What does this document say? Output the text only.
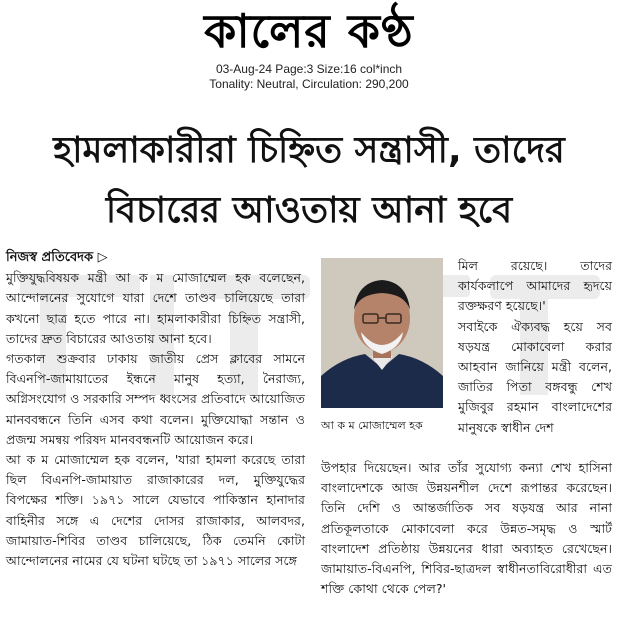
কালের কণ্ঠ
03-Aug-24 Page:3 Size:16 col*inch
Tonality: Neutral, Circulation: 290,200
হামলাকারীরা চিহ্নিত সন্ত্রাসী, তাদের
বিচারের আওতায় আনা হবে
নিজস্ব প্রতিবেদক ▷

মুক্তিযুদ্ধবিষয়ক মন্ত্রী আ ক ম মোজাম্মেল হক বলেছেন, আন্দোলনের সুযোগে যারা দেশে তাণ্ডব চালিয়েছে তারা কখনো ছাত্র হতে পারে না। হামলাকারীরা চিহ্নিত সন্ত্রাসী, তাদের দ্রুত বিচারের আওতায় আনা হবে।

গতকাল শুক্রবার ঢাকায় জাতীয় প্রেস ক্লাবের সামনে বিএনপি-জামায়াতের ইন্ধনে মানুষ হত্যা, নৈরাজ্য, অগ্নিসংযোগ ও সরকারি সম্পদ ধ্বংসের প্রতিবাদে আয়োজিত মানববন্ধনে তিনি এসব কথা বলেন। মুক্তিযোদ্ধা সন্তান ও প্রজন্ম সমন্বয় পরিষদ মানববন্ধনটি আয়োজন করে।

আ ক ম মোজাম্মেল হক বলেন, 'যারা হামলা করেছে তারা ছিল বিএনপি-জামায়াত রাজাকারের দল, মুক্তিযুদ্ধের বিপক্ষের শক্তি। ১৯৭১ সালে যেভাবে পাকিস্তান হানাদার বাহিনীর সঙ্গে এ দেশের দোসর রাজাকার, আলবদর, জামায়াত-শিবির তাণ্ডব চালিয়েছে, ঠিক তেমনি কোটা আন্দোলনের নামের যে ঘটনা ঘটছে তা ১৯৭১ সালের সঙ্গে

আ ক ম মোজাম্মেল হক

মিল রয়েছে। তাদের কার্যকলাপে আমাদের হৃদয়ে রক্তক্ষরণ হয়েছে।'

সবাইকে ঐক্যবদ্ধ হয়ে সব ষড়যন্ত্র মোকাবেলা করার আহবান জানিয়ে মন্ত্রী বলেন, জাতির পিতা বঙ্গবন্ধু শেখ মুজিবুর রহমান বাংলাদেশের মানুষকে স্বাধীন দেশ

উপহার দিয়েছেন। আর তাঁর সুযোগ্য কন্যা শেখ হাসিনা বাংলাদেশকে আজ উন্নয়নশীল দেশে রূপান্তর করেছেন। তিনি দেশি ও আন্তর্জাতিক সব ষড়যন্ত্র আর নানা প্রতিকূলতাকে মোকাবেলা করে উন্নত-সমৃদ্ধ ও স্মার্ট বাংলাদেশ প্রতিষ্ঠায় উন্নয়নের ধারা অব্যাহত রেখেছেন। জামায়াত-বিএনপি, শিবির-ছাত্রদল স্বাধীনতাবিরোধীরা এত শক্তি কোথা থেকে পেল?'
